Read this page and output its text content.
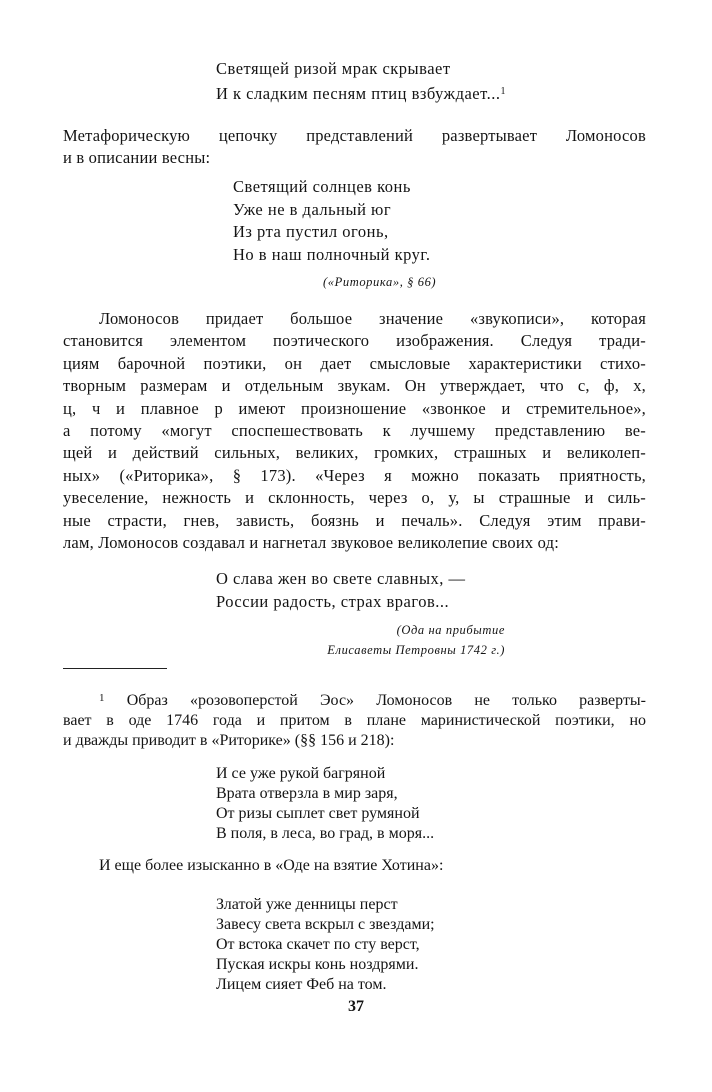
Светящей ризой мрак скрывает
И к сладким песням птиц взбуждает...$^1$

Метафорическую цепочку представлений развертывает Ломоносов

и в описании весны:

Светящий солнцев конь
Уже не в дальный юг
Из рта пустил огонь,
Но в наш полночный круг.
(«Риторика», § 66)

Ломоносов придает большое значение «звукописи», которая

становится элементом поэтического изображения. Следуя тради-

циям барочной поэтики, он дает смысловые характеристики стихо-

творным размерам и отдельным звукам. Он утверждает, что с, ф, х,

ц, ч и плавное р имеют произношение «звонкое и стремительное»,

а потому «могут споспешествовать к лучшему представлению ве-

щей и действий сильных, великих, громких, страшных и великолеп-

ных» («Риторика», § 173). «Через я можно показать приятность,

увеселение, нежность и склонность, через о, у, ы страшные и силь-

ные страсти, гнев, зависть, боязнь и печаль». Следуя этим прави-

лам, Ломоносов создавал и нагнетал звуковое великолепие своих од:

О слава жен во свете славных, —
России радость, страх врагов...
(Ода на прибытие
Елисаветы Петровны 1742 г.)

$^1$ Образ «розовоперстой Эос» Ломоносов не только разверты-

вает в оде 1746 года и притом в плане маринистической поэтики, но

и дважды приводит в «Риторике» (§§ 156 и 218):

И се уже рукой багряной
Врата отверзла в мир заря,
От ризы сыплет свет румяной
В поля, в леса, во град, в моря...

И еще более изысканно в «Оде на взятие Хотина»:

Златой уже денницы перст
Завесу света вскрыл с звездами;
От встока скачет по сту верст,
Пуская искры конь ноздрями.
Лицем сияет Феб на том.
37
